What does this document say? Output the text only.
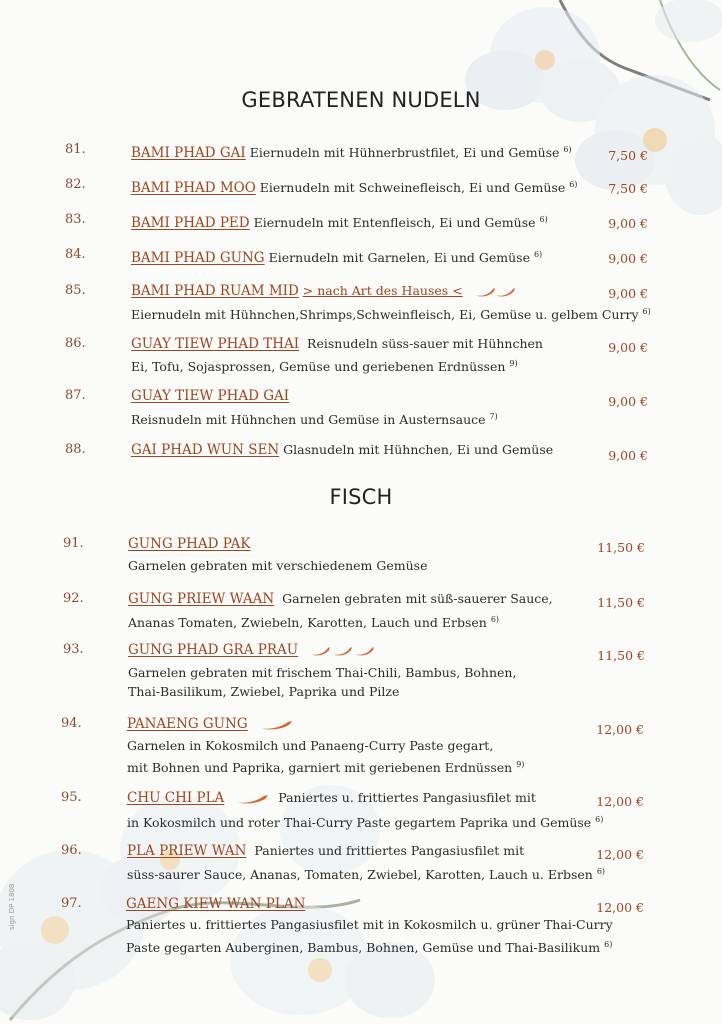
GEBRATENEN NUDELN
81.	BAMI PHAD GAI Eiernudeln mit Hühnerbrustfilet, Ei und Gemüse $^{6)}$	7,50 €
82.	BAMI PHAD MOO Eiernudeln mit Schweinefleisch, Ei und Gemüse $^{6)}$	7,50 €
83.	BAMI PHAD PED Eiernudeln mit Entenfleisch, Ei und Gemüse $^{6)}$	9,00 €
84.	BAMI PHAD GUNG Eiernudeln mit Garnelen, Ei und Gemüse $^{6)}$	9,00 €
85.	BAMI PHAD RUAM MID > nach Art des Hauses <
Eiernudeln mit Hühnchen,Shrimps,Schweinfleisch, Ei, Gemüse u. gelbem Curry $^{6)}$
9,00 €
86.	GUAY TIEW PHAD THAI Reisnudeln süss-sauer mit Hühnchen
Ei, Tofu, Sojasprossen, Gemüse und geriebenen Erdnüssen $^{9)}$
9,00 €
87.	GUAY TIEW PHAD GAI
Reisnudeln mit Hühnchen und Gemüse in Austernsauce $^{7)}$
9,00 €
88.	GAI PHAD WUN SEN Glasnudeln mit Hühnchen, Ei und Gemüse	9,00 €
FISCH
91.	GUNG PHAD PAK
Garnelen gebraten mit verschiedenem Gemüse
11,50 €
92.	GUNG PRIEW WAAN Garnelen gebraten mit süß-sauerer Sauce,
Ananas Tomaten, Zwiebeln, Karotten, Lauch und Erbsen $^{6)}$
11,50 €
93.	GUNG PHAD GRA PRAU
Garnelen gebraten mit frischem Thai-Chili, Bambus, Bohnen,
Thai-Basilikum, Zwiebel, Paprika und Pilze
11,50 €
94.	PANAENG GUNG
Garnelen in Kokosmilch und Panaeng-Curry Paste gegart,
mit Bohnen und Paprika, garniert mit geriebenen Erdnüssen $^{9)}$
12,00 €
95.	CHU CHI PLA	Paniertes u. frittiertes Pangasiusfilet mit
in Kokosmilch und roter Thai-Curry Paste gegartem Paprika und Gemüse $^{6)}$
12,00 €
96.	PLA PRIEW WAN Paniertes und frittiertes Pangasiusfilet mit
süss-saurer Sauce, Ananas, Tomaten, Zwiebel, Karotten, Lauch u. Erbsen $^{6)}$
12,00 €
97.	GAENG KIEW WAN PLAN
Paniertes u. frittiertes Pangasiusfilet mit in Kokosmilch u. grüner Thai-Curry
Paste gegarten Auberginen, Bambus, Bohnen, Gemüse und Thai-Basilikum $^{6)}$
12,00 €
sign DP 1808
